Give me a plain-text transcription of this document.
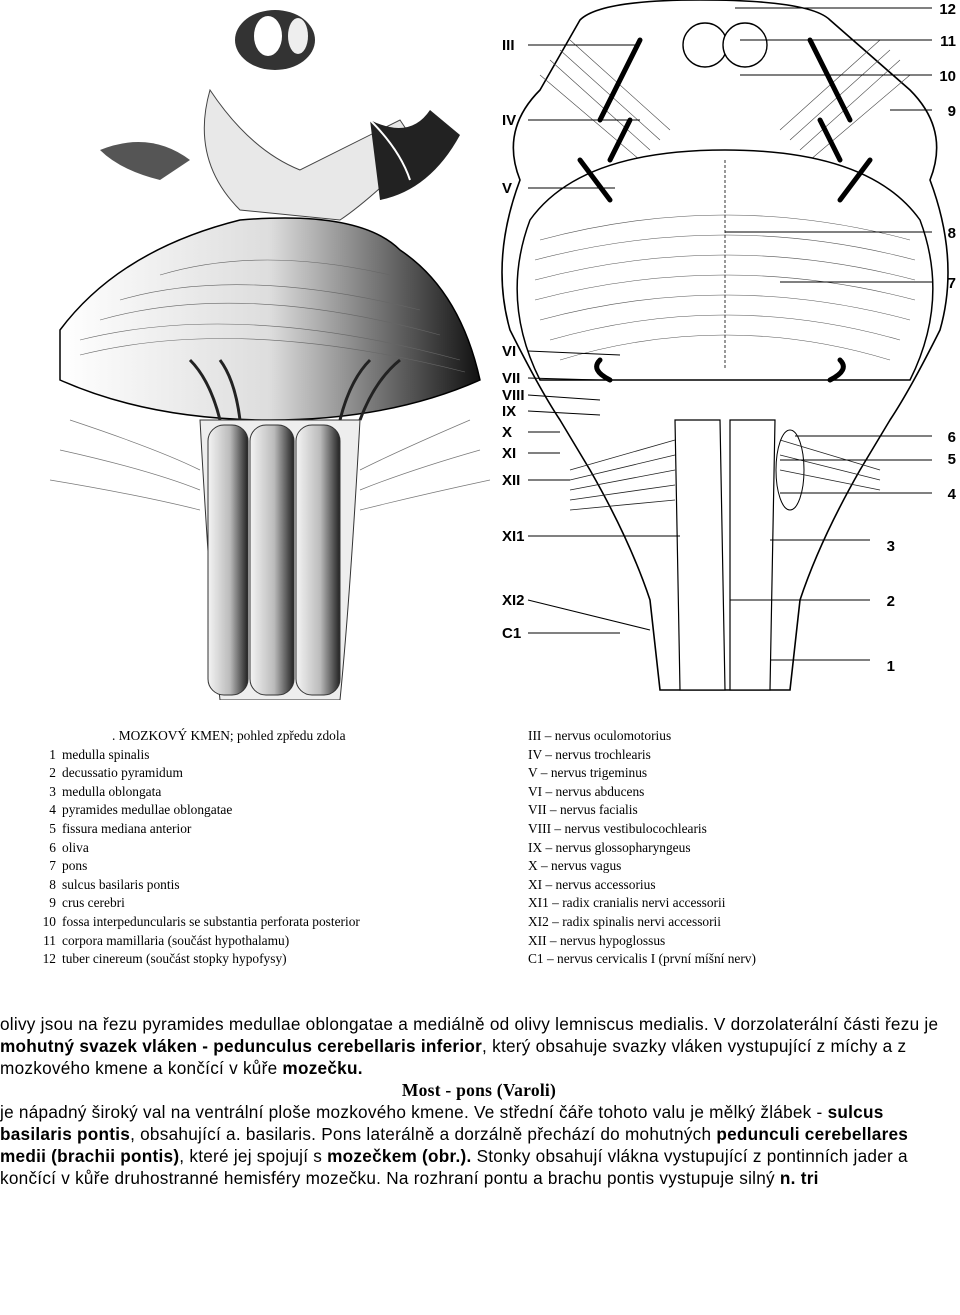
III
IV
V
VI
VII
VIII
IX
X
XI
XII
XI1
XI2
C1
12
11
10
9
8
7
6
5
4
3
2
1
. MOZKOVÝ KMEN; pohled zpředu zdola
1 medulla spinalis
2 decussatio pyramidum
3 medulla oblongata
4 pyramides medullae oblongatae
5 fissura mediana anterior
6 oliva
7 pons
8 sulcus basilaris pontis
9 crus cerebri
10 fossa interpeduncularis se substantia perforata posterior
11 corpora mamillaria (součást hypothalamu)
12 tuber cinereum (součást stopky hypofysy)
III – nervus oculomotorius
IV – nervus trochlearis
V – nervus trigeminus
VI – nervus abducens
VII – nervus facialis
VIII – nervus vestibulocochlearis
IX – nervus glossopharyngeus
X – nervus vagus
XI – nervus accessorius
XI1 – radix cranialis nervi accessorii
XI2 – radix spinalis nervi accessorii
XII – nervus hypoglossus
C1 – nervus cervicalis I (první míšní nerv)

olivy jsou na řezu pyramides medullae oblongatae a mediálně od olivy lemniscus medialis. V dorzolaterální části řezu je mohutný svazek vláken - pedunculus cerebellaris inferior, který obsahuje svazky vláken vystupující z míchy a z mozkového kmene a končící v kůře mozečku.

Most - pons (Varoli)

je nápadný široký val na ventrální ploše mozkového kmene. Ve střední čáře tohoto valu je mělký žlábek - sulcus basilaris pontis, obsahující a. basilaris. Pons laterálně a dorzálně přechází do mohutných pedunculi cerebellares medii (brachii pontis), které jej spojují s mozečkem (obr.). Stonky obsahují vlákna vystupující z pontinních jader a končící v kůře druhostranné hemisféry mozečku. Na rozhraní pontu a brachu pontis vystupuje silný n. tri
